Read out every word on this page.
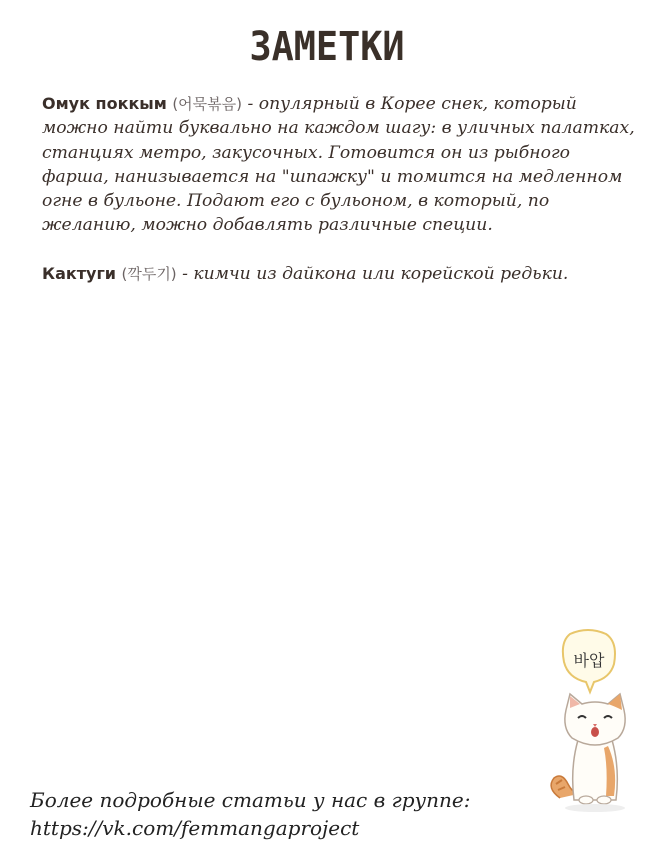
ЗАМЕТКИ

Омук поккым (어묵볶음) - опулярный в Корее снек, который можно найти буквально на каждом шагу: в уличных палатках, станциях метро, закусочных. Готовится он из рыбного фарша, нанизывается на "шпажку" и томится на медленном огне в бульоне. Подают его с бульоном, в который, по желанию, можно добавлять различные специи.

Кактуги (깍두기) - кимчи из дайкона или корейской редьки.

바압
Более подробные статьи у нас в группе:
https://vk.com/femmangaproject
